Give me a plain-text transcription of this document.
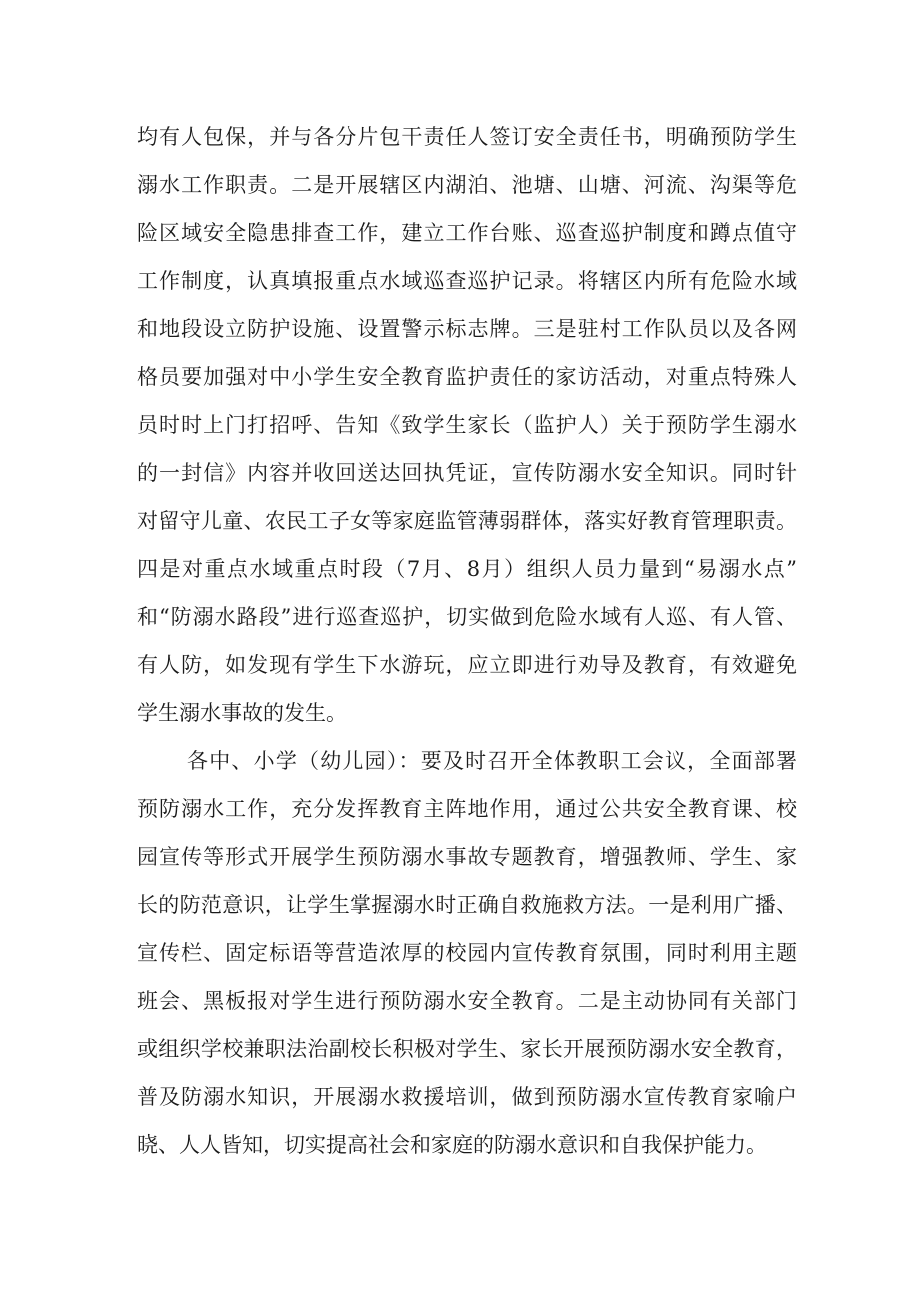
均有人包保，并与各分片包干责任人签订安全责任书，明确预防学生
溺水工作职责。二是开展辖区内湖泊、池塘、山塘、河流、沟渠等危
险区域安全隐患排查工作，建立工作台账、巡查巡护制度和蹲点值守
工作制度，认真填报重点水域巡查巡护记录。将辖区内所有危险水域
和地段设立防护设施、设置警示标志牌。三是驻村工作队员以及各网
格员要加强对中小学生安全教育监护责任的家访活动，对重点特殊人
员时时上门打招呼、告知《致学生家长（监护人）关于预防学生溺水
的一封信》内容并收回送达回执凭证，宣传防溺水安全知识。同时针
对留守儿童、农民工子女等家庭监管薄弱群体，落实好教育管理职责。
四是对重点水域重点时段（7月、8月）组织人员力量到“易溺水点”
和“防溺水路段”进行巡查巡护，切实做到危险水域有人巡、有人管、
有人防，如发现有学生下水游玩，应立即进行劝导及教育，有效避免
学生溺水事故的发生。
各中、小学（幼儿园）：要及时召开全体教职工会议，全面部署
预防溺水工作，充分发挥教育主阵地作用，通过公共安全教育课、校
园宣传等形式开展学生预防溺水事故专题教育，增强教师、学生、家
长的防范意识，让学生掌握溺水时正确自救施救方法。一是利用广播、
宣传栏、固定标语等营造浓厚的校园内宣传教育氛围，同时利用主题
班会、黑板报对学生进行预防溺水安全教育。二是主动协同有关部门
或组织学校兼职法治副校长积极对学生、家长开展预防溺水安全教育，
普及防溺水知识，开展溺水救援培训，做到预防溺水宣传教育家喻户
晓、人人皆知，切实提高社会和家庭的防溺水意识和自我保护能力。
